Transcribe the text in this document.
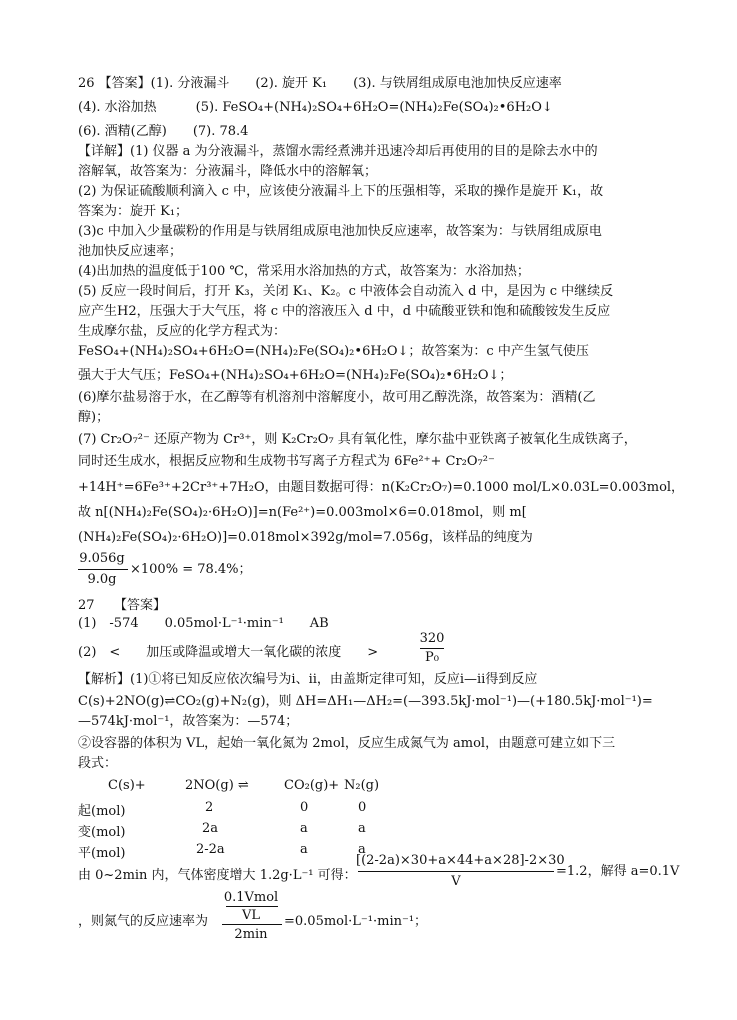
26 【答案】(1). 分液漏斗　　(2). 旋开 K₁　　(3). 与铁屑组成原电池加快反应速率
(4). 水浴加热　　　(5). FeSO₄+(NH₄)₂SO₄+6H₂O=(NH₄)₂Fe(SO₄)₂•6H₂O↓
(6). 酒精(乙醇)　　(7). 78.4
【详解】(1) 仪器 a 为分液漏斗，蒸馏水需经煮沸并迅速冷却后再使用的目的是除去水中的
溶解氧，故答案为：分液漏斗，降低水中的溶解氧；
(2) 为保证硫酸顺利滴入 c 中，应该使分液漏斗上下的压强相等，采取的操作是旋开 K₁，故
答案为：旋开 K₁；
(3)c 中加入少量碳粉的作用是与铁屑组成原电池加快反应速率，故答案为：与铁屑组成原电
池加快反应速率；
(4)出加热的温度低于100 ℃，常采用水浴加热的方式，故答案为：水浴加热；
(5) 反应一段时间后，打开 K₃，关闭 K₁、K₂。c 中液体会自动流入 d 中，是因为 c 中继续反
应产生H2，压强大于大气压，将 c 中的溶液压入 d 中，d 中硫酸亚铁和饱和硫酸铵发生反应
生成摩尔盐，反应的化学方程式为：
FeSO₄+(NH₄)₂SO₄+6H₂O=(NH₄)₂Fe(SO₄)₂•6H₂O↓；故答案为：c 中产生氢气使压
强大于大气压；FeSO₄+(NH₄)₂SO₄+6H₂O=(NH₄)₂Fe(SO₄)₂•6H₂O↓；
(6)摩尔盐易溶于水，在乙醇等有机溶剂中溶解度小，故可用乙醇洗涤，故答案为：酒精(乙
醇)；
(7) Cr₂O₇²⁻ 还原产物为 Cr³⁺，则 K₂Cr₂O₇ 具有氧化性，摩尔盐中亚铁离子被氧化生成铁离子，
同时还生成水，根据反应物和生成物书写离子方程式为 6Fe²⁺+ Cr₂O₇²⁻
+14H⁺=6Fe³⁺+2Cr³⁺+7H₂O，由题目数据可得：n(K₂Cr₂O₇)=0.1000 mol/L×0.03L=0.003mol，
故 n[(NH₄)₂Fe(SO₄)₂·6H₂O)]=n(Fe²⁺)=0.003mol×6=0.018mol，则 m[
(NH₄)₂Fe(SO₄)₂·6H₂O)]=0.018mol×392g/mol=7.056g，该样品的纯度为
9.056g
9.0g
×100% = 78.4%；
27　　【答案】
(1)　-574　　0.05mol·L⁻¹·min⁻¹　　AB
(2)　<　　加压或降温或增大一氧化碳的浓度　　>
320
P₀
【解析】(1)①将已知反应依次编号为ⅰ、ⅱ，由盖斯定律可知，反应ⅰ—ⅱ得到反应
C(s)+2NO(g)⇌CO₂(g)+N₂(g)，则 ΔH=ΔH₁—ΔH₂=(—393.5kJ·mol⁻¹)—(+180.5kJ·mol⁻¹)=
—574kJ·mol⁻¹，故答案为：—574；
②设容器的体积为 VL，起始一氧化氮为 2mol，反应生成氮气为 amol，由题意可建立如下三
段式：
C(s)+	2NO(g) ⇌	CO₂(g)+ N₂(g)
起(mol)	2	0	0
变(mol)	2a	a	a
平(mol)	2-2a	a	a
由 0~2min 内，气体密度增大 1.2g·L⁻¹ 可得：
[(2-2a)×30+a×44+a×28]-2×30
V
=1.2，解得 a=0.1V
0.1Vmol
VL
，则氮气的反应速率为
2min
=0.05mol·L⁻¹·min⁻¹；
